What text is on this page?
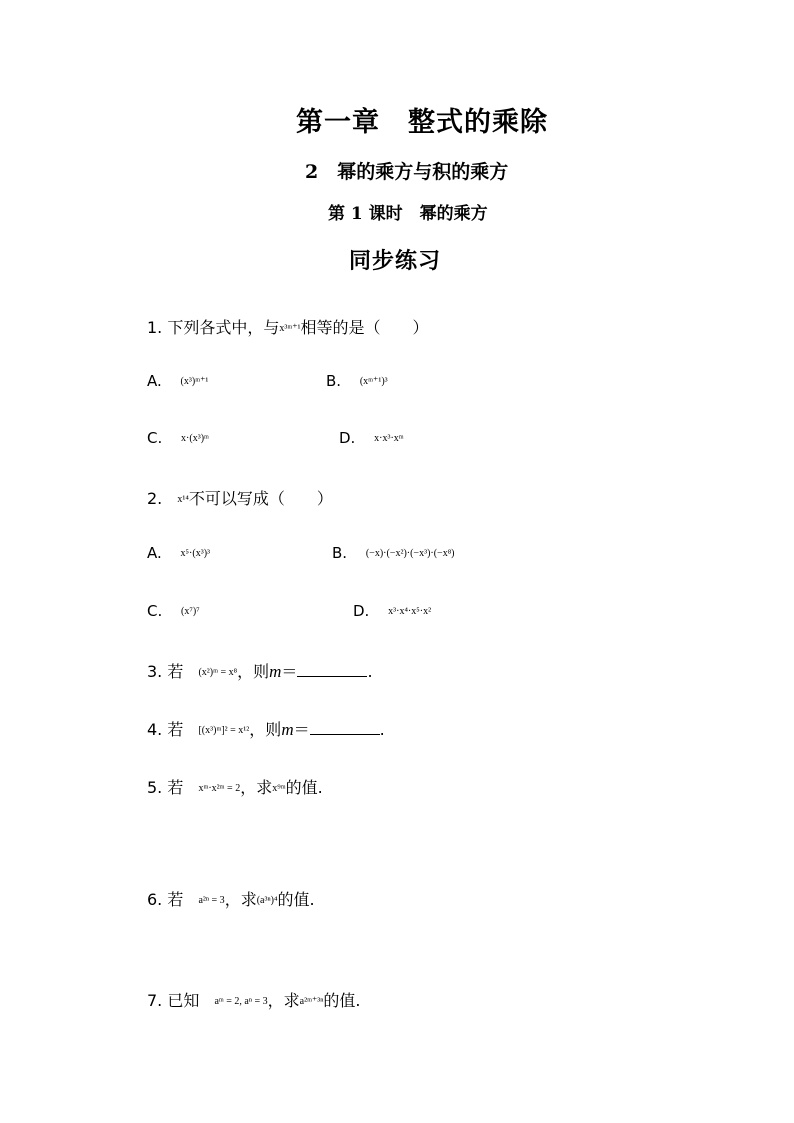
第一章　整式的乘除
2　幂的乘方与积的乘方
第 1 课时　幂的乘方
同步练习
1. 下列各式中，与x³ᵐ⁺¹相等的是（　　）
A. (x³)ᵐ⁺¹	B. (xᵐ⁺¹)³
C. x·(x³)ᵐ	D. x·x³·xᵐ
2. x¹⁴不可以写成（　　）
A. x⁵·(x³)³	B. (−x)·(−x²)·(−x³)·(−x⁸)
C. (x⁷)⁷	D. x³·x⁴·x⁵·x²
3. 若 (x²)ᵐ = x⁸，则m＝	.
4. 若 [(x³)ᵐ]² = x¹²，则m＝	.
5. 若 xᵐ·x²ᵐ = 2，求x⁹ᵐ的值.
6. 若 a²ⁿ = 3，求(a³ⁿ)⁴的值.
7. 已知 aᵐ = 2, aⁿ = 3，求a²ᵐ⁺³ⁿ的值.
